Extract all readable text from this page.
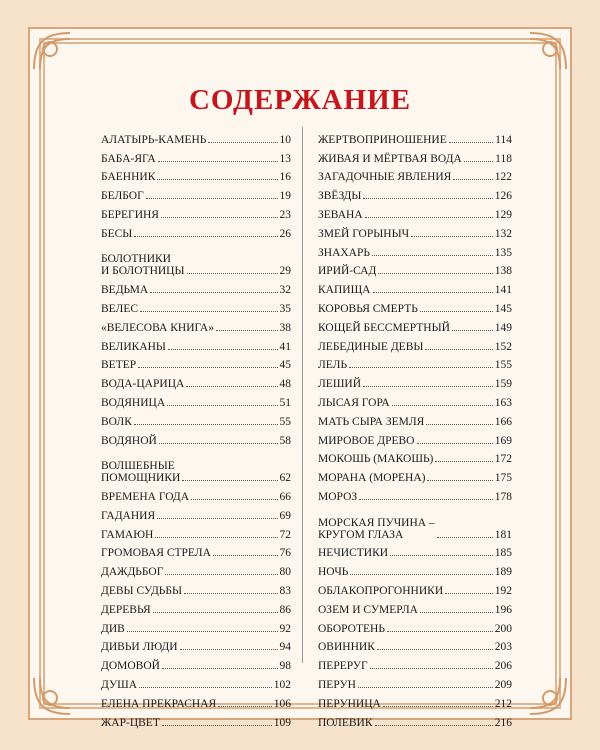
СОДЕРЖАНИЕ
АЛАТЫРЬ-КАМЕНЬ	10
БАБА-ЯГА	13
БАЕННИК	16
БЕЛБОГ	19
БЕРЕГИНЯ	23
БЕСЫ	26
БОЛОТНИКИ
И БОЛОТНИЦЫ	29
ВЕДЬМА	32
ВЕЛЕС	35
«ВЕЛЕСОВА КНИГА»	38
ВЕЛИКАНЫ	41
ВЕТЕР	45
ВОДА-ЦАРИЦА	48
ВОДЯНИЦА	51
ВОЛК	55
ВОДЯНОЙ	58
ВОЛШЕБНЫЕ
ПОМОЩНИКИ	62
ВРЕМЕНА ГОДА	66
ГАДАНИЯ	69
ГАМАЮН	72
ГРОМОВАЯ СТРЕЛА	76
ДАЖДЬБОГ	80
ДЕВЫ СУДЬБЫ	83
ДЕРЕВЬЯ	86
ДИВ	92
ДИВЬИ ЛЮДИ	94
ДОМОВОЙ	98
ДУША	102
ЕЛЕНА ПРЕКРАСНАЯ	106
ЖАР-ЦВЕТ	109
ЖЕРТВОПРИНОШЕНИЕ	114
ЖИВАЯ И МЁРТВАЯ ВОДА	118
ЗАГАДОЧНЫЕ ЯВЛЕНИЯ	122
ЗВЁЗДЫ	126
ЗЕВАНА	129
ЗМЕЙ ГОРЫНЫЧ	132
ЗНАХАРЬ	135
ИРИЙ-САД	138
КАПИЩА	141
КОРОВЬЯ СМЕРТЬ	145
КОЩЕЙ БЕССМЕРТНЫЙ	149
ЛЕБЕДИНЫЕ ДЕВЫ	152
ЛЕЛЬ	155
ЛЕШИЙ	159
ЛЫСАЯ ГОРА	163
МАТЬ СЫРА ЗЕМЛЯ	166
МИРОВОЕ ДРЕВО	169
МОКОШЬ (МАКОШЬ)	172
МОРАНА (МОРЕНА)	175
МОРОЗ	178
МОРСКАЯ ПУЧИНА –
КРУГОМ ГЛАЗА	181
НЕЧИСТИКИ	185
НОЧЬ	189
ОБЛАКОПРОГОННИКИ	192
ОЗЕМ И СУМЕРЛА	196
ОБОРОТЕНЬ	200
ОВИННИК	203
ПЕРЕРУГ	206
ПЕРУН	209
ПЕРУНИЦА	212
ПОЛЕВИК	216
